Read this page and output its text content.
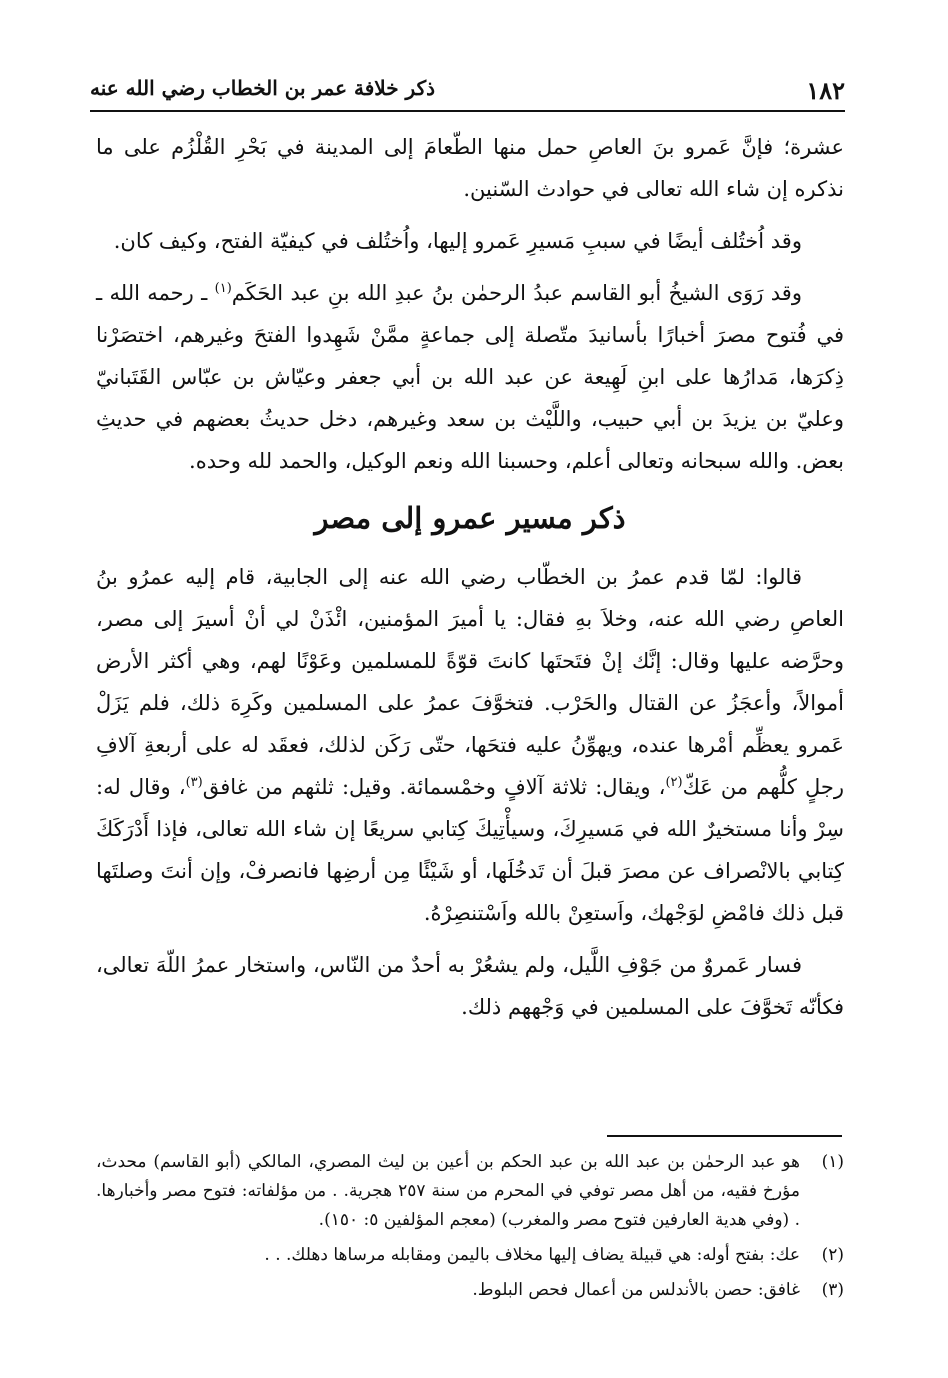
١٨٢
ذكر خلافة عمر بن الخطاب رضي الله عنه

عشرة؛ فإنَّ عَمرو بنَ العاصِ حمل منها الطّعامَ إلى المدينة في بَحْرِ القُلْزُم على ما نذكره إن شاء الله تعالى في حوادث السّنين.

وقد اُختُلف أيضًا في سببِ مَسيرِ عَمرو إليها، واُختُلف في كيفيّة الفتح، وكيف كان.

وقد رَوَى الشيخُ أبو القاسم عبدُ الرحمٰن بنُ عبدِ الله بنِ عبد الحَكَم$^{(١)}$ ـ رحمه الله ـ في فُتوح مصرَ أخبارًا بأسانيدَ متّصلة إلى جماعةٍ ممَّنْ شَهِدوا الفتحَ وغيرهم، اختصَرْنا ذِكرَها، مَدارُها على ابنِ لَهِيعة عن عبد الله بن أبي جعفر وعيّاش بن عبّاس القَتَبانيّ وعليّ بن يزيدَ بن أبي حبيب، واللَّيْث بن سعد وغيرهم، دخل حديثُ بعضهم في حديثِ بعض. والله سبحانه وتعالى أعلم، وحسبنا الله ونعم الوكيل، والحمد لله وحده.

ذكر مسير عمرو إلى مصر

قالوا: لمّا قدم عمرُ بن الخطّاب رضي الله عنه إلى الجابية، قام إليه عمرُو بنُ العاصِ رضي الله عنه، وخلاَ بهِ فقال: يا أميرَ المؤمنين، ائْذَنْ لي أنْ أسيرَ إلى مصر، وحرَّضه عليها وقال: إنَّك إنْ فتَحتَها كانتَ قوّةً للمسلمين وعَوْنًا لهم، وهي أكثر الأرض أموالاً، وأعجَزُ عن القتال والحَرْب. فتخوَّفَ عمرُ على المسلمين وكَرِهَ ذلك، فلم يَزَلْ عَمرو يعظِّم أمْرها عنده، ويهوِّنُ عليه فتحَها، حتّى رَكَن لذلك، فعقَد له على أربعةِ آلافِ رجلٍ كلُّهم من عَكّ$^{(٢)}$، ويقال: ثلاثة آلافٍ وخمْسمائة. وقيل: ثلثهم من غافق$^{(٣)}$، وقال له: سِرْ وأنا مستخيرٌ الله في مَسيرِكَ، وسيأْتِيكَ كِتابي سريعًا إن شاء الله تعالى، فإذا أَدْرَكَكَ كِتابي بالانْصراف عن مصرَ قبلَ أن تَدخُلَها، أو شَيْئًا مِن أرضِها فانصرفْ، وإن أنتَ وصلتَها قبل ذلك فامْضِ لوَجْهك، واَستعِنْ بالله واَسْتنصِرْهُ.

فسار عَمروٌ من جَوْفِ اللَّيل، ولم يشعُرْ به أحدٌ من النّاس، واستخار عمرُ اللّهَ تعالى، فكأنّه تَخوَّفَ على المسلمين في وَجْههم ذلك.

(١)
هو عبد الرحمٰن بن عبد الله بن عبد الحكم بن أعين بن ليث المصري، المالكي (أبو القاسم) محدث، مؤرخ فقيه، من أهل مصر توفي في المحرم من سنة ٢٥٧ هجرية. . من مؤلفاته: فتوح مصر وأخبارها. . (وفي هدية العارفين فتوح مصر والمغرب) (معجم المؤلفين ٥: ١٥٠).
(٢)
عك: بفتح أوله: هي قبيلة يضاف إليها مخلاف باليمن ومقابله مرساها دهلك. . .
(٣)
غافق: حصن بالأندلس من أعمال فحص البلوط.
